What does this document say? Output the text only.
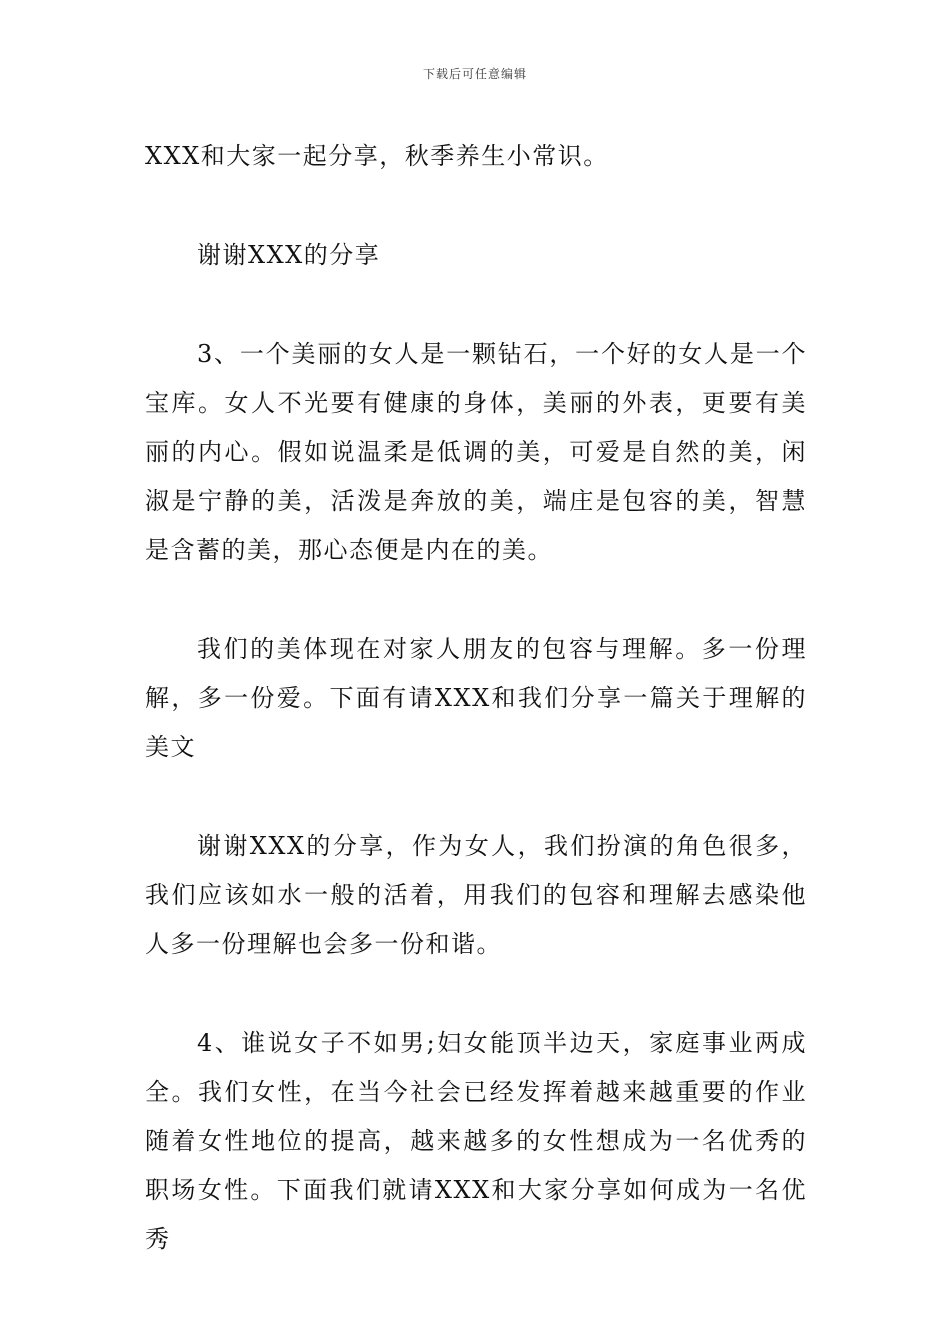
下载后可任意编辑

XXX和大家一起分享，秋季养生小常识。

谢谢XXX的分享

3、一个美丽的女人是一颗钻石，一个好的女人是一个宝库。女人不光要有健康的身体，美丽的外表，更要有美丽的内心。假如说温柔是低调的美，可爱是自然的美，闲淑是宁静的美，活泼是奔放的美，端庄是包容的美，智慧是含蓄的美，那心态便是内在的美。

我们的美体现在对家人朋友的包容与理解。多一份理解，多一份爱。下面有请XXX和我们分享一篇关于理解的美文

谢谢XXX的分享，作为女人，我们扮演的角色很多，我们应该如水一般的活着，用我们的包容和理解去感染他人多一份理解也会多一份和谐。

4、谁说女子不如男;妇女能顶半边天，家庭事业两成全。我们女性，在当今社会已经发挥着越来越重要的作业随着女性地位的提高，越来越多的女性想成为一名优秀的职场女性。下面我们就请XXX和大家分享如何成为一名优秀
